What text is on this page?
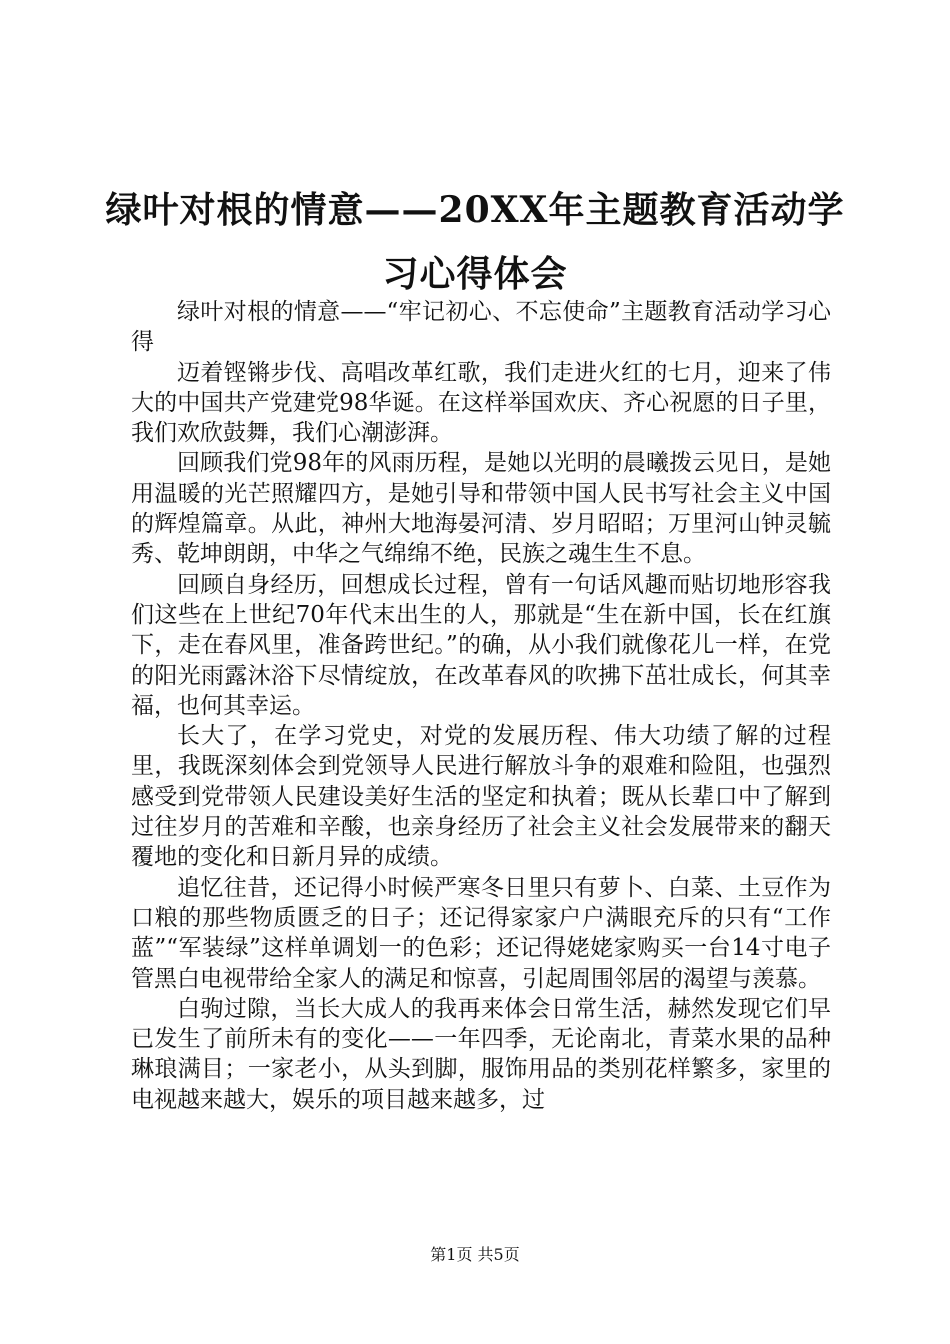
绿叶对根的情意——20XX年主题教育活动学
习心得体会

绿叶对根的情意——“牢记初心、不忘使命”主题教育活动学习心得

迈着铿锵步伐、高唱改革红歌，我们走进火红的七月，迎来了伟大的中国共产党建党98华诞。在这样举国欢庆、齐心祝愿的日子里，我们欢欣鼓舞，我们心潮澎湃。

回顾我们党98年的风雨历程，是她以光明的晨曦拨云见日，是她用温暖的光芒照耀四方，是她引导和带领中国人民书写社会主义中国的辉煌篇章。从此，神州大地海晏河清、岁月昭昭；万里河山钟灵毓秀、乾坤朗朗，中华之气绵绵不绝，民族之魂生生不息。

回顾自身经历，回想成长过程，曾有一句话风趣而贴切地形容我们这些在上世纪70年代末出生的人，那就是“生在新中国，长在红旗下，走在春风里，准备跨世纪。”的确，从小我们就像花儿一样，在党的阳光雨露沐浴下尽情绽放，在改革春风的吹拂下茁壮成长，何其幸福，也何其幸运。

长大了，在学习党史，对党的发展历程、伟大功绩了解的过程里，我既深刻体会到党领导人民进行解放斗争的艰难和险阻，也强烈感受到党带领人民建设美好生活的坚定和执着；既从长辈口中了解到过往岁月的苦难和辛酸，也亲身经历了社会主义社会发展带来的翻天覆地的变化和日新月异的成绩。

追忆往昔，还记得小时候严寒冬日里只有萝卜、白菜、土豆作为口粮的那些物质匮乏的日子；还记得家家户户满眼充斥的只有“工作蓝”“军装绿”这样单调划一的色彩；还记得姥姥家购买一台14寸电子管黑白电视带给全家人的满足和惊喜，引起周围邻居的渴望与羡慕。

白驹过隙，当长大成人的我再来体会日常生活，赫然发现它们早已发生了前所未有的变化——一年四季，无论南北，青菜水果的品种琳琅满目；一家老小，从头到脚，服饰用品的类别花样繁多，家里的电视越来越大，娱乐的项目越来越多，过

第1页 共5页
